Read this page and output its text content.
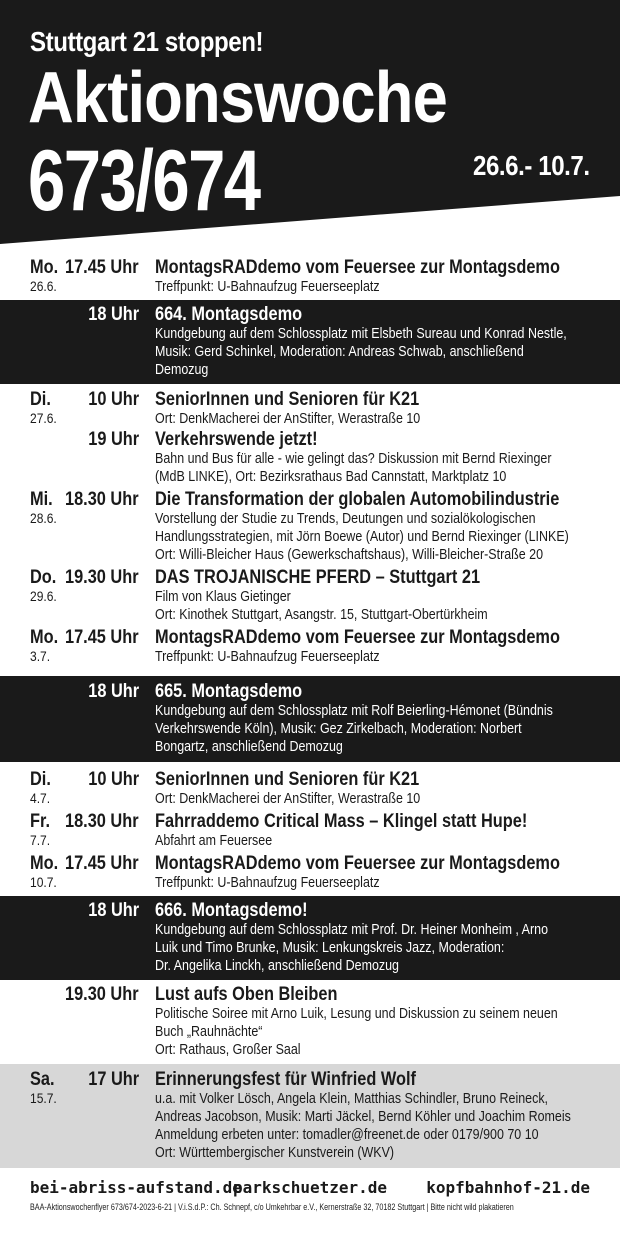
Stuttgart 21 stoppen!
Aktionswoche
673/674	26.6.- 10.7.
Mo. 17.45 Uhr
26.6.
MontagsRADdemo vom Feuersee zur Montagsdemo
Treffpunkt: U-Bahnaufzug Feuerseeplatz
18 Uhr 664. Montagsdemo
Kundgebung auf dem Schlossplatz mit Elsbeth Sureau und Konrad Nestle,
Musik: Gerd Schinkel, Moderation: Andreas Schwab, anschließend
Demozug
Di. 10 Uhr
27.6.
SeniorInnen und Senioren für K21
Ort: DenkMacherei der AnStifter, Werastraße 10
19 Uhr Verkehrswende jetzt!
Bahn und Bus für alle - wie gelingt das? Diskussion mit Bernd Riexinger
(MdB LINKE), Ort: Bezirksrathaus Bad Cannstatt, Marktplatz 10
Mi. 18.30 Uhr
28.6.
Die Transformation der globalen Automobilindustrie
Vorstellung der Studie zu Trends, Deutungen und sozialökologischen
Handlungsstrategien, mit Jörn Boewe (Autor) und Bernd Riexinger (LINKE)
Ort: Willi-Bleicher Haus (Gewerkschaftshaus), Willi-Bleicher-Straße 20
Do. 19.30 Uhr
29.6.
DAS TROJANISCHE PFERD – Stuttgart 21
Film von Klaus Gietinger
Ort: Kinothek Stuttgart, Asangstr. 15, Stuttgart-Obertürkheim
Mo. 17.45 Uhr
3.7.
MontagsRADdemo vom Feuersee zur Montagsdemo
Treffpunkt: U-Bahnaufzug Feuerseeplatz
18 Uhr 665. Montagsdemo
Kundgebung auf dem Schlossplatz mit Rolf Beierling-Hémonet (Bündnis
Verkehrswende Köln), Musik: Gez Zirkelbach, Moderation: Norbert
Bongartz, anschließend Demozug
Di. 10 Uhr
4.7.
SeniorInnen und Senioren für K21
Ort: DenkMacherei der AnStifter, Werastraße 10
Fr. 18.30 Uhr
7.7.
Fahrraddemo Critical Mass – Klingel statt Hupe!
Abfahrt am Feuersee
Mo. 17.45 Uhr
10.7.
MontagsRADdemo vom Feuersee zur Montagsdemo
Treffpunkt: U-Bahnaufzug Feuerseeplatz
18 Uhr 666. Montagsdemo!
Kundgebung auf dem Schlossplatz mit Prof. Dr. Heiner Monheim , Arno
Luik und Timo Brunke, Musik: Lenkungskreis Jazz, Moderation:
Dr. Angelika Linckh, anschließend Demozug
19.30 Uhr Lust aufs Oben Bleiben
Politische Soiree mit Arno Luik, Lesung und Diskussion zu seinem neuen
Buch „Rauhnächte“
Ort: Rathaus, Großer Saal
Sa. 17 Uhr
15.7.
Erinnerungsfest für Winfried Wolf
u.a. mit Volker Lösch, Angela Klein, Matthias Schindler, Bruno Reineck,
Andreas Jacobson, Musik: Marti Jäckel, Bernd Köhler und Joachim Romeis
Anmeldung erbeten unter: tomadler@freenet.de oder 0179/900 70 10
Ort: Württembergischer Kunstverein (WKV)
bei-abriss-aufstand.de
parkschuetzer.de	kopfbahnhof-21.de
BAA-Aktionswochenflyer 673/674-2023-6-21 | V.i.S.d.P.: Ch. Schnepf, c/o Umkehrbar e.V., Kernerstraße 32, 70182 Stuttgart | Bitte nicht wild plakatieren
